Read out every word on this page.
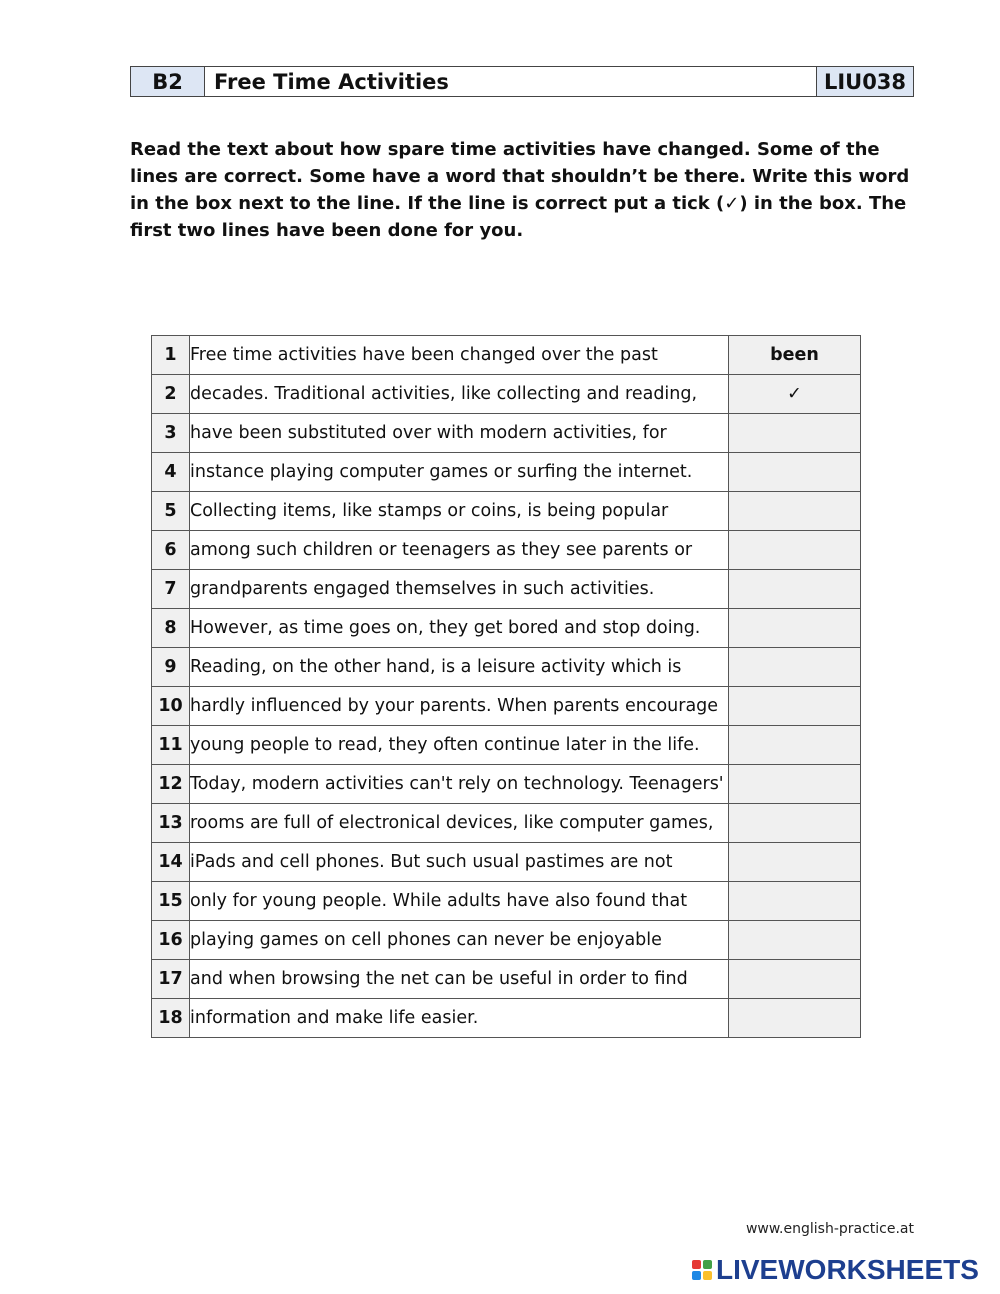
B2	Free Time Activities	LIU038

Read the text about how spare time activities have changed. Some of the lines are correct. Some have a word that shouldn’t be there. Write this word in the box next to the line. If the line is correct put a tick (✓) in the box. The first two lines have been done for you.

1	Free time activities have been changed over the past	been
2	decades. Traditional activities, like collecting and reading,	✓
3	have been substituted over with modern activities, for	
4	instance playing computer games or surfing the internet.	
5	Collecting items, like stamps or coins, is being popular	
6	among such children or teenagers as they see parents or	
7	grandparents engaged themselves in such activities.	
8	However, as time goes on, they get bored and stop doing.	
9	Reading, on the other hand, is a leisure activity which is	
10	hardly influenced by your parents. When parents encourage	
11	young people to read, they often continue later in the life.	
12	Today, modern activities can't rely on technology. Teenagers'	
13	rooms are full of electronical devices, like computer games,	
14	iPads and cell phones. But such usual pastimes are not	
15	only for young people. While adults have also found that	
16	playing games on cell phones can never be enjoyable	
17	and when browsing the net can be useful in order to find	
18	information and make life easier.	
www.english-practice.at
LIVEWORKSHEETS
